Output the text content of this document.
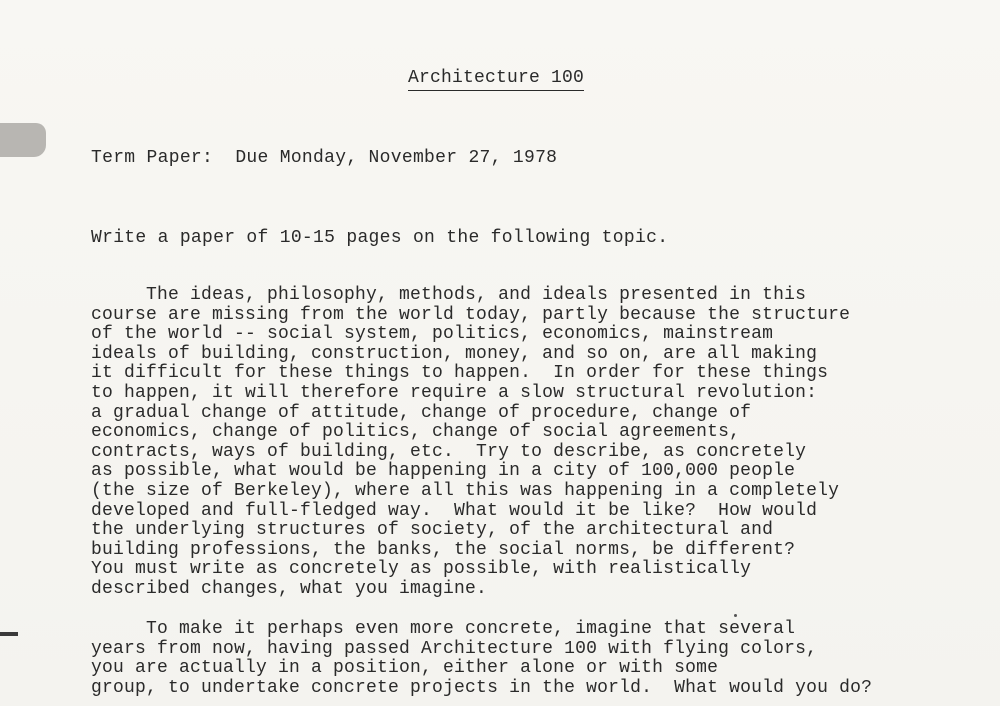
Architecture 100
Term Paper:  Due Monday, November 27, 1978
Write a paper of 10-15 pages on the following topic.
The ideas, philosophy, methods, and ideals presented in this
course are missing from the world today, partly because the structure
of the world -- social system, politics, economics, mainstream
ideals of building, construction, money, and so on, are all making
it difficult for these things to happen.  In order for these things
to happen, it will therefore require a slow structural revolution:
a gradual change of attitude, change of procedure, change of
economics, change of politics, change of social agreements,
contracts, ways of building, etc.  Try to describe, as concretely
as possible, what would be happening in a city of 100,000 people
(the size of Berkeley), where all this was happening in a completely
developed and full-fledged way.  What would it be like?  How would
the underlying structures of society, of the architectural and
building professions, the banks, the social norms, be different?
You must write as concretely as possible, with realistically
described changes, what you imagine.
To make it perhaps even more concrete, imagine that several
years from now, having passed Architecture 100 with flying colors,
you are actually in a position, either alone or with some
group, to undertake concrete projects in the world.  What would you do?
